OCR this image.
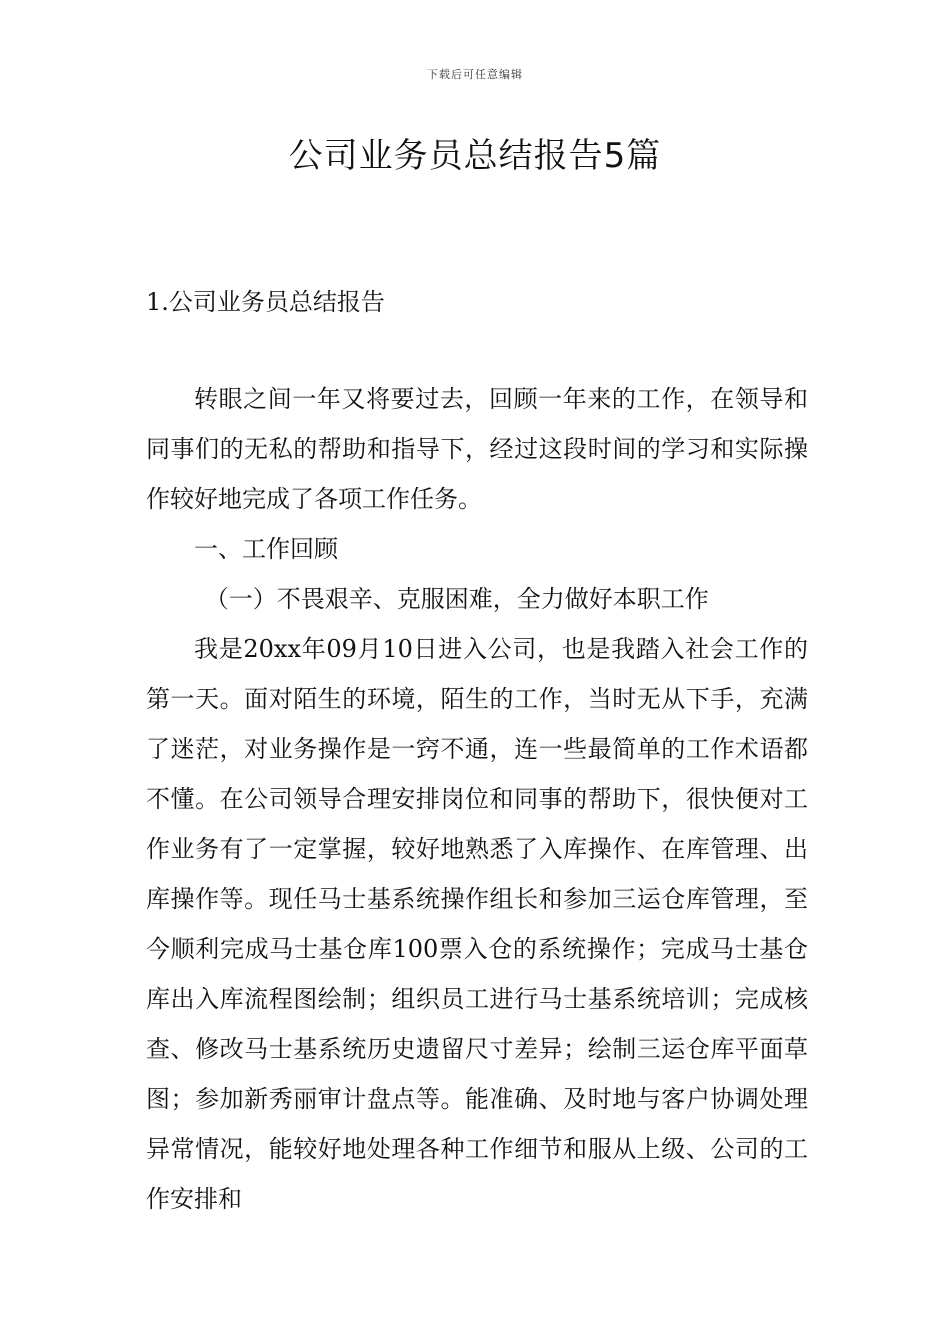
下载后可任意编辑
公司业务员总结报告5篇
1.公司业务员总结报告

转眼之间一年又将要过去，回顾一年来的工作，在领导和同事们的无私的帮助和指导下，经过这段时间的学习和实际操作较好地完成了各项工作任务。

一、工作回顾

（一）不畏艰辛、克服困难，全力做好本职工作

我是20xx年09月10日进入公司，也是我踏入社会工作的第一天。面对陌生的环境，陌生的工作，当时无从下手，充满了迷茫，对业务操作是一窍不通，连一些最简单的工作术语都不懂。在公司领导合理安排岗位和同事的帮助下，很快便对工作业务有了一定掌握，较好地熟悉了入库操作、在库管理、出库操作等。现任马士基系统操作组长和参加三运仓库管理，至今顺利完成马士基仓库100票入仓的系统操作；完成马士基仓库出入库流程图绘制；组织员工进行马士基系统培训；完成核查、修改马士基系统历史遗留尺寸差异；绘制三运仓库平面草图；参加新秀丽审计盘点等。能准确、及时地与客户协调处理异常情况，能较好地处理各种工作细节和服从上级、公司的工作安排和
